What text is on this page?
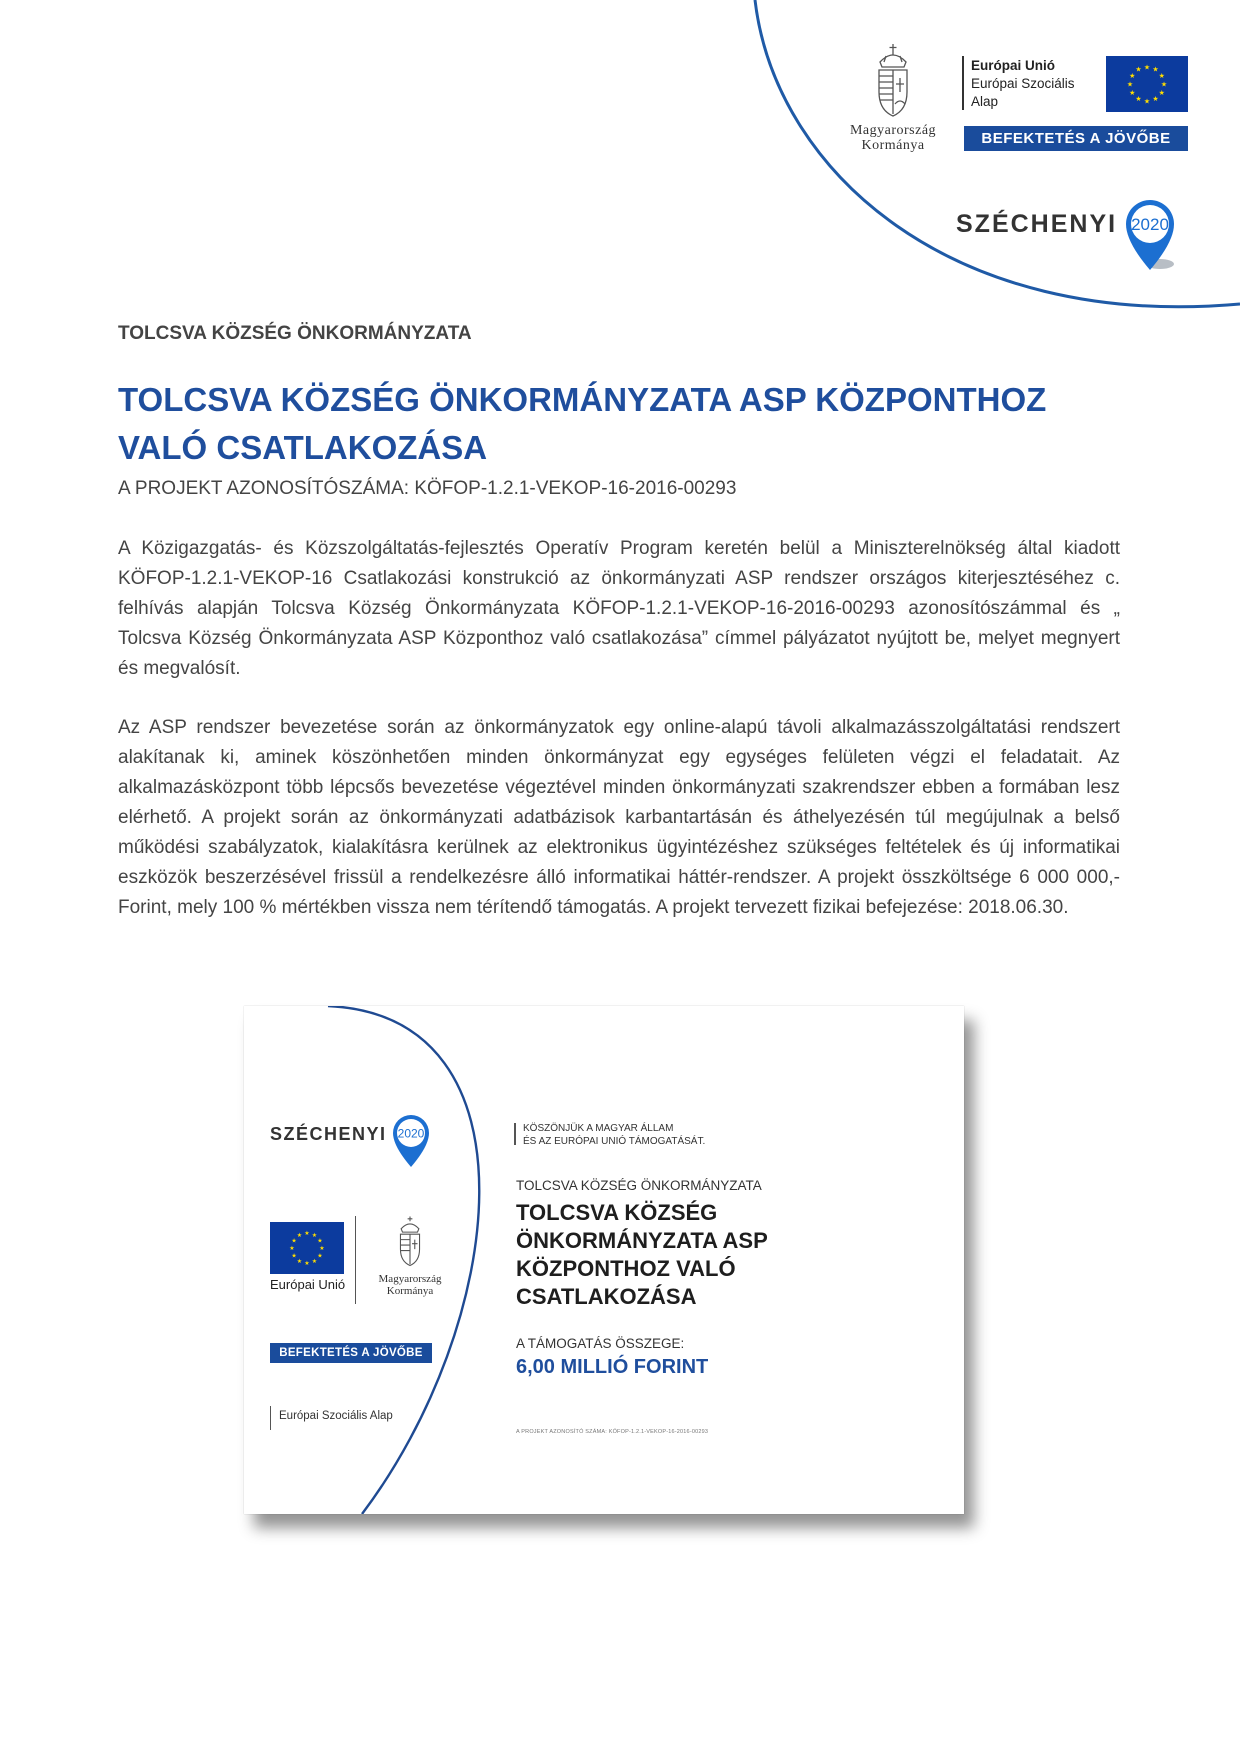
Magyarország
Kormánya
Európai Unió
Európai Szociális
Alap
★
★
★
★
★
★
★
★
★ ★ ★
★
BEFEKTETÉS A JÖVŐBE
SZÉCHENYI 2020
TOLCSVA KÖZSÉG ÖNKORMÁNYZATA
TOLCSVA KÖZSÉG ÖNKORMÁNYZATA ASP KÖZPONTHOZ
VALÓ CSATLAKOZÁSA
A PROJEKT AZONOSÍTÓSZÁMA: KÖFOP-1.2.1-VEKOP-16-2016-00293

A Közigazgatás- és Közszolgáltatás-fejlesztés Operatív Program keretén belül a Miniszterelnökség által kiadott KÖFOP-1.2.1-VEKOP-16 Csatlakozási konstrukció az önkormányzati ASP rendszer országos kiterjesztéséhez c. felhívás alapján Tolcsva Község Önkormányzata KÖFOP-1.2.1-VEKOP-16-2016-00293 azonosítószámmal és „ Tolcsva Község Önkormányzata ASP Központhoz való csatlakozása” címmel pályázatot nyújtott be, melyet megnyert és megvalósít.

Az ASP rendszer bevezetése során az önkormányzatok egy online-alapú távoli alkalmazásszolgáltatási rendszert alakítanak ki, aminek köszönhetően minden önkormányzat egy egységes felületen végzi el feladatait. Az alkalmazásközpont több lépcsős bevezetése végeztével minden önkormányzati szakrendszer ebben a formában lesz elérhető. A projekt során az önkormányzati adatbázisok karbantartásán és áthelyezésén túl megújulnak a belső működési szabályzatok, kialakításra kerülnek az elektronikus ügyintézéshez szükséges feltételek és új informatikai eszközök beszerzésével frissül a rendelkezésre álló informatikai háttér-rendszer. A projekt összköltsége 6 000 000,- Forint, mely 100 % mértékben vissza nem térítendő támogatás. A projekt tervezett fizikai befejezése: 2018.06.30.

SZÉCHENYI 2020
★
★
★
★
★
★
★
★
★ ★ ★
★
Európai Unió	Magyarország
Kormánya
BEFEKTETÉS A JÖVŐBE
Európai Szociális Alap
KÖSZÖNJÜK A MAGYAR ÁLLAM
ÉS AZ EURÓPAI UNIÓ TÁMOGATÁSÁT.
TOLCSVA KÖZSÉG ÖNKORMÁNYZATA
TOLCSVA KÖZSÉG
ÖNKORMÁNYZATA ASP
KÖZPONTHOZ VALÓ
CSATLAKOZÁSA
A TÁMOGATÁS ÖSSZEGE:
6,00 MILLIÓ FORINT
A PROJEKT AZONOSÍTÓ SZÁMA: KÖFOP-1.2.1-VEKOP-16-2016-00293
